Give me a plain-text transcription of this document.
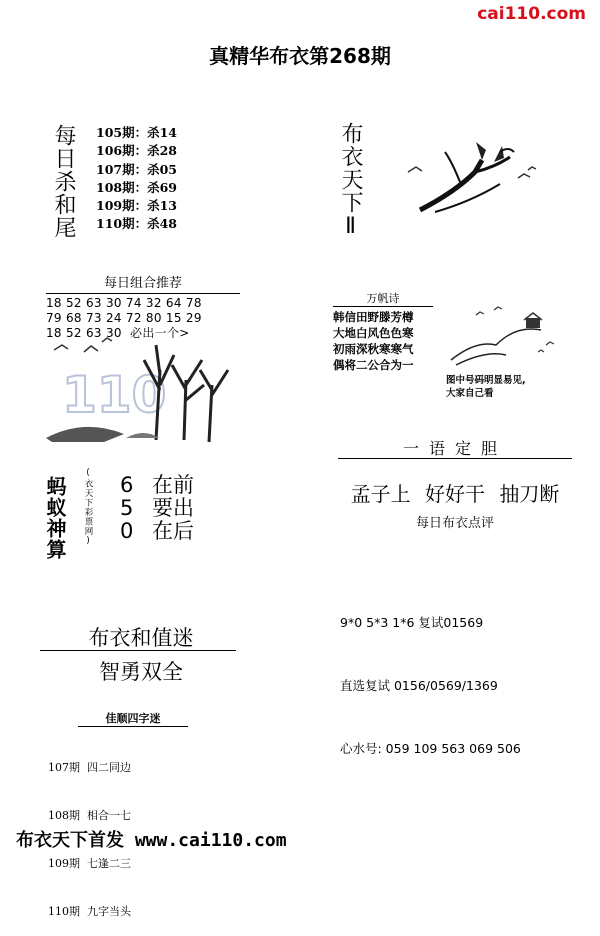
cai110.com
真精华布衣第268期
每日杀和尾 105期：杀14
106期：杀28
107期：杀05
108期：杀69
109期：杀13
110期：杀48
每日组合推荐
18 52 63 30 74 32 64 78
79 68 73 24 72 80 15 29
18 52 63 30  必出一个>
110
蚂蚁神算 (衣天下彩票网) 6 在前
5 要出
0 在后
布衣和值迷
智勇双全
佳顺四字迷

107期  四二同边

108期  相合一七

109期  七逢二三

110期  九字当头

布衣天下Ⅱ
万帆诗
韩信田野滕芳樽
大地白风色色寒
初雨深秋寒寒气
偶将二公合为一
图中号码明显易见,
大家自己看
一语定胆
孟子上 好好干 抽刀断
每日布衣点评

9*0 5*3 1*6 复试01569

直选复试 0156/0569/1369

心水号: 059 109 563 069 506

布衣天下首发 www.cai110.com
